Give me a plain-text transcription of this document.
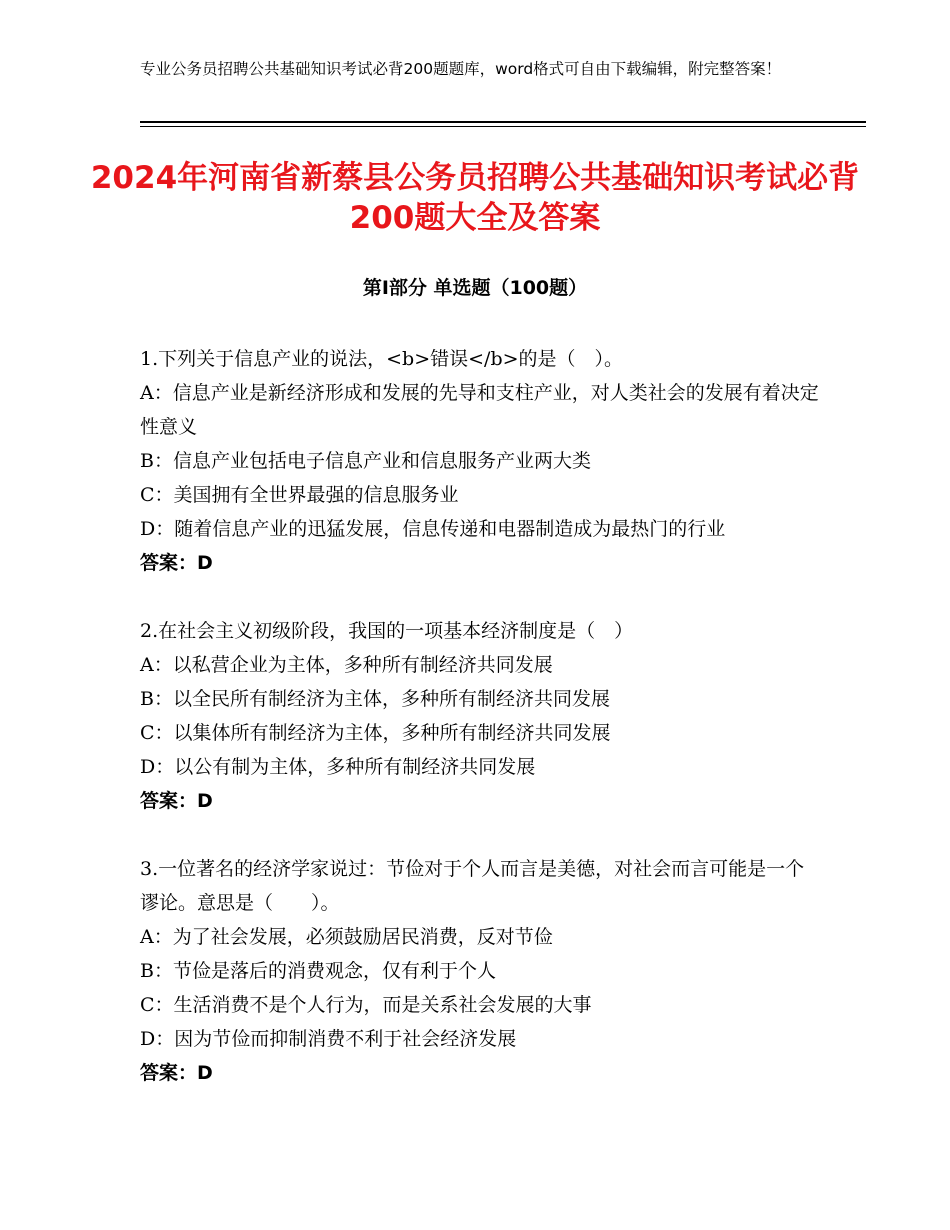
专业公务员招聘公共基础知识考试必背200题题库，word格式可自由下载编辑，附完整答案！
2024年河南省新蔡县公务员招聘公共基础知识考试必背200题大全及答案
第Ⅰ部分 单选题（100题）

1.下列关于信息产业的说法，<b>错误</b>的是（　）。

A：信息产业是新经济形成和发展的先导和支柱产业，对人类社会的发展有着决定性意义

B：信息产业包括电子信息产业和信息服务产业两大类

C：美国拥有全世界最强的信息服务业

D：随着信息产业的迅猛发展，信息传递和电器制造成为最热门的行业

答案：D

2.在社会主义初级阶段，我国的一项基本经济制度是（　）

A：以私营企业为主体，多种所有制经济共同发展

B：以全民所有制经济为主体，多种所有制经济共同发展

C：以集体所有制经济为主体，多种所有制经济共同发展

D：以公有制为主体，多种所有制经济共同发展

答案：D

3.一位著名的经济学家说过：节俭对于个人而言是美德，对社会而言可能是一个谬论。意思是（　　）。

A：为了社会发展，必须鼓励居民消费，反对节俭

B：节俭是落后的消费观念，仅有利于个人

C：生活消费不是个人行为，而是关系社会发展的大事

D：因为节俭而抑制消费不利于社会经济发展

答案：D
